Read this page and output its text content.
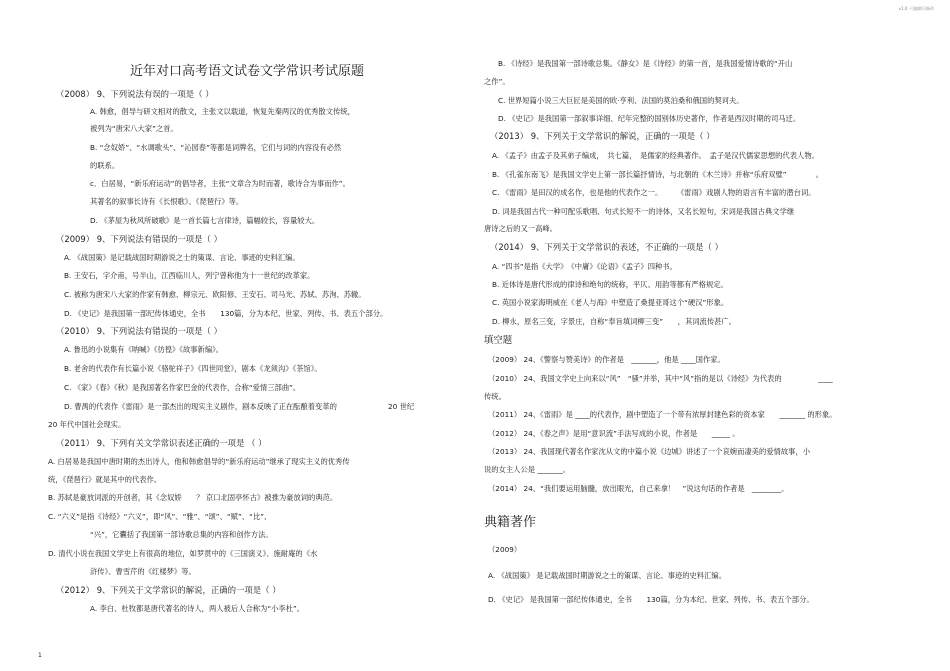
v1.0 ·可编辑可修改
近年对口高考语文试卷文学常识考试原题
（2008） 9、下列说法有误的一项是（ ）
A. 韩愈，倡导与研文相对的散文，主张文以载道，恢复先秦两汉的优秀散文传统，
被列为“唐宋八大家”之首。
B. “念奴娇”、“水调歌头”、“沁园春”等都是词牌名，它们与词的内容没有必然
的联系。
c．白居易，“新乐府运动”的倡导者，主张“文章合为时而著，歌诗合为事而作”。
其著名的叙事长诗有《长恨歌》、《琵琶行》等。
D. 《茅屋为秋风所破歌》是一首长篇七言律诗，篇幅较长，容量较大。
（2009） 9、下列说法有错误的一项是（ ）
A. 《战国策》是记载战国时期游说之士的策谋、言论、事迹的史料汇编。
B. 王安石，字介甫，号半山，江西临川人，列宁曾称他为十一世纪的改革家。
C. 被称为唐宋八大家的作家有韩愈、柳宗元、欧阳修、王安石、司马光、苏轼、苏洵、苏辙。
D. 《史记》是我国第一部纪传体通史，全书　　130篇，分为本纪、世家、列传、书、表五个部分。
（2010） 9、下列说法有错误的一项是（ ）
A. 鲁迅的小说集有《呐喊》《彷徨》《故事新编》。
B. 老舍的代表作有长篇小说《骆驼祥子》《四世同堂》，剧本《龙须沟》《茶馆》。
C. 《家》《春》《秋》是我国著名作家巴金的代表作，合称“爱情三部曲”。
D. 曹禺的代表作《雷雨》是一部杰出的现实主义剧作，剧本反映了正在酝酿着变革的　　　　　　　20 世纪
20 年代中国社会现实。
（2011） 9、下列有关文学常识表述正确的一项是 （ ）
A. 白居易是我国中唐时期的杰出诗人，他和韩愈倡导的“新乐府运动”继承了现实主义的优秀传
统，《琵琶行》就是其中的代表作。
B. 苏轼是豪放词派的开创者，其《念奴娇　　？ 京口北固亭怀古》被推为豪放词的典范。
C. “六义”是指《诗经》“六义”，即“风”、“雅”、“颂”、“赋”、“比”、
“兴”，它囊括了我国第一部诗歌总集的内容和创作方法。
D. 清代小说在我国文学史上有很高的地位，如罗贯中的《三国演义》、施耐庵的《水
浒传》、曹雪芹的《红楼梦》等。
（2012） 9、下列关于文学常识的解说，正确的一项是（ ）
A. 李白、杜牧都是唐代著名的诗人，两人被后人合称为“小李杜”。
B. 《诗经》是我国第一部诗歌总集。《静女》是《诗经》的第一首，是我国爱情诗歌的“开山
之作”。
C. 世界短篇小说三大巨匠是美国的欧·亨利、法国的莫泊桑和俄国的契诃夫。
D. 《史记》是我国第一部叙事详细、纪年完整的国别体历史著作，作者是西汉时期的司马迁。
（2013） 9、下列关于文学常识的解说，正确的一项是（ ）
A. 《孟子》由孟子及其弟子编成，　共七篇，　是儒家的经典著作。　孟子是汉代儒家思想的代表人物。
B. 《孔雀东南飞》是我国文学史上第一部长篇抒情诗，与北朝的《木兰诗》并称“乐府双璧”　　　　。
C. 《雷雨》是田汉的成名作，也是他的代表作之一。　　　《雷雨》戏剧人物的语言有丰富的潜台词。
D. 词是我国古代一种可配乐歌唱、句式长短不一的诗体，又名长短句，宋词是我国古典文学继
唐诗之后的又一高峰。
（2014） 9、下列关于文学常识的表述，不正确的一项是（ ）
A. “四书”是指《大学》　《中庸》《论语》《孟子》四种书。
B. 近体诗是唐代形成的律诗和绝句的统称，平仄、用韵等都有严格规定。
C. 英国小说家海明威在《老人与海》中塑造了桑提亚哥这个“硬汉”形象。
D. 柳永，原名三变，字景庄，自称“奉旨填词柳三变”　　，其词流传甚广。
填空题
（2009） 24、《警察与赞美诗》的作者是　_______，他是 ____国作家。
（2010） 24、我国文学史上向来以“风”　“骚”并举，其中“风”指的是以《诗经》为代表的　　　　　____
传统。
（2011） 24、《雷雨》是 ____的代表作，剧中塑造了一个带有浓厚封建色彩的资本家　　_______ 的形象。
（2012） 24、《春之声》是用“意识流”手法写成的小说，作者是　　_____ 。
（2013） 24、我国现代著名作家沈从文的中篇小说《边城》讲述了一个哀婉而凄美的爱情故事，小
说的女主人公是 _______。
（2014） 24、“我们要运用脑髓，放出眼光，自己来拿！　”说这句话的作者是　________。
典籍著作
（2009）
A. 《战国策》 是记载战国时期游说之士的策谋、言论、事迹的史料汇编。
D. 《史记》 是我国第一部纪传体通史，全书　　130篇，分为本纪、世家、列传、书、表五个部分。
1
